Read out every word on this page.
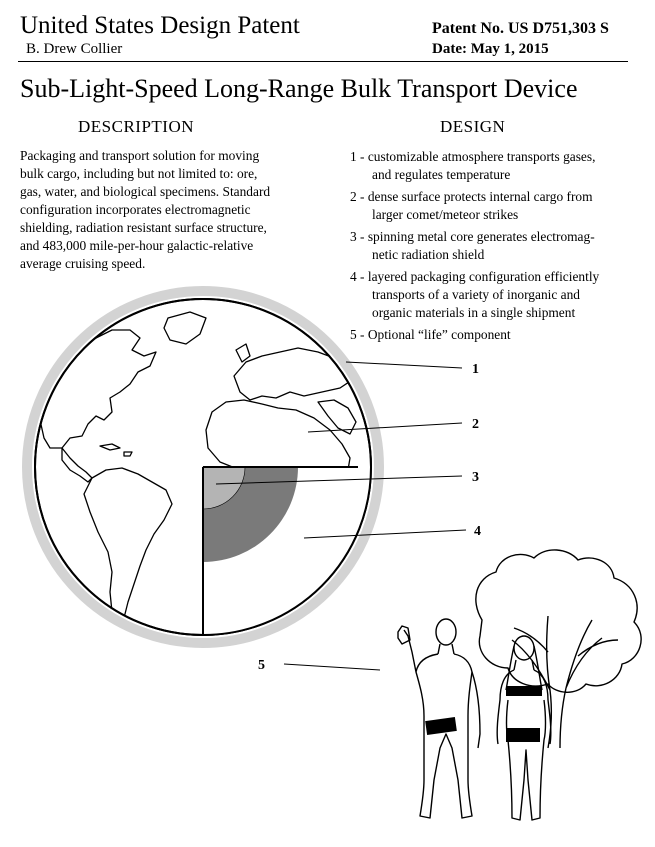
United States Design Patent
B. Drew Collier
Patent No. US D751,303 S
Date: May 1, 2015
Sub-Light-Speed Long-Range Bulk Transport Device
DESCRIPTION	DESIGN
Packaging and transport solution for moving
bulk cargo, including but not limited to: ore,
gas, water, and biological specimens. Standard
configuration incorporates electromagnetic
shielding, radiation resistant surface structure,
and 483,000 mile-per-hour galactic-relative
average cruising speed.
1 - customizable atmosphere transports gases,
and regulates temperature
2 - dense surface protects internal cargo from
larger comet/meteor strikes
3 - spinning metal core generates electromag-
netic radiation shield
4 - layered packaging configuration efficiently
transports of a variety of inorganic and
organic materials in a single shipment
5 - Optional “life” component
1
2
3
4
5
